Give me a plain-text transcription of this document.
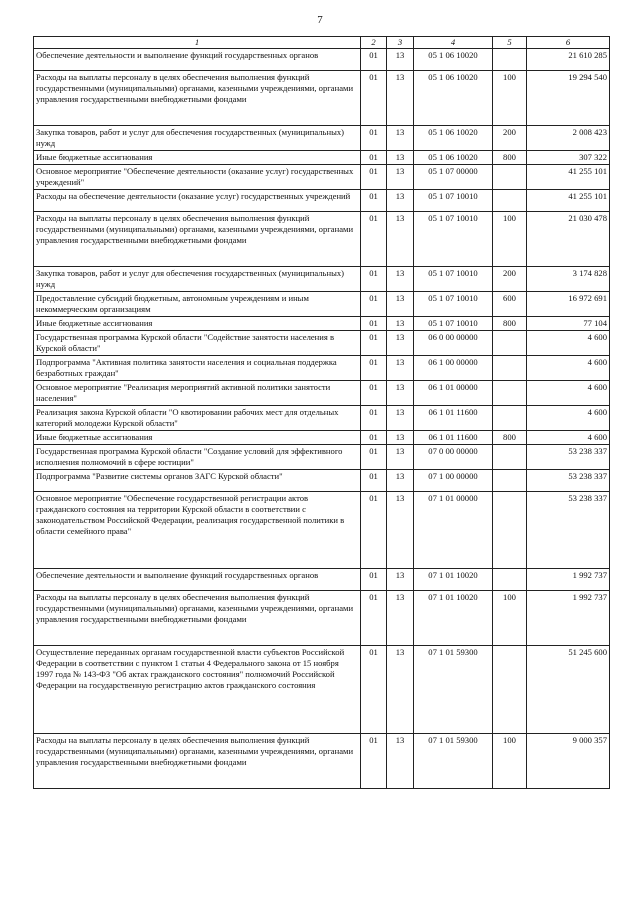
7
1	2	3	4	5	6
Обеспечение деятельности и выполнение функций государственных органов	01	13	05 1 06 10020		21 610 285
Расходы на выплаты персоналу в целях обеспечения выполнения функций государственными (муниципальными) органами, казенными учреждениями, органами управления государственными внебюджетными фондами	01	13	05 1 06 10020	100	19 294 540
Закупка товаров, работ и услуг для обеспечения государственных (муниципальных) нужд	01	13	05 1 06 10020	200	2 008 423
Иные бюджетные ассигнования	01	13	05 1 06 10020	800	307 322
Основное мероприятие "Обеспечение деятельности (оказание услуг) государственных учреждений"	01	13	05 1 07 00000		41 255 101
Расходы на обеспечение деятельности (оказание услуг) государственных учреждений	01	13	05 1 07 10010		41 255 101
Расходы на выплаты персоналу в целях обеспечения выполнения функций государственными (муниципальными) органами, казенными учреждениями, органами управления государственными внебюджетными фондами	01	13	05 1 07 10010	100	21 030 478
Закупка товаров, работ и услуг для обеспечения государственных (муниципальных) нужд	01	13	05 1 07 10010	200	3 174 828
Предоставление субсидий бюджетным, автономным учреждениям и иным некоммерческим организациям	01	13	05 1 07 10010	600	16 972 691
Иные бюджетные ассигнования	01	13	05 1 07 10010	800	77 104
Государственная программа Курской области "Содействие занятости населения в Курской области"	01	13	06 0 00 00000		4 600
Подпрограмма "Активная политика занятости населения и социальная поддержка безработных граждан"	01	13	06 1 00 00000		4 600
Основное мероприятие "Реализация мероприятий активной политики занятости населения"	01	13	06 1 01 00000		4 600
Реализация закона Курской области "О квотировании рабочих мест для отдельных категорий молодежи Курской области"	01	13	06 1 01 11600		4 600
Иные бюджетные ассигнования	01	13	06 1 01 11600	800	4 600
Государственная программа Курской области "Создание условий для эффективного исполнения полномочий в сфере юстиции"	01	13	07 0 00 00000		53 238 337
Подпрограмма "Развитие системы органов ЗАГС Курской области"	01	13	07 1 00 00000		53 238 337
Основное мероприятие "Обеспечение государственной регистрации актов гражданского состояния на территории Курской области в соответствии с законодательством Российской Федерации, реализация государственной политики в области семейного права"	01	13	07 1 01 00000		53 238 337
Обеспечение деятельности и выполнение функций государственных органов	01	13	07 1 01 10020		1 992 737
Расходы на выплаты персоналу в целях обеспечения выполнения функций государственными (муниципальными) органами, казенными учреждениями, органами управления государственными внебюджетными фондами	01	13	07 1 01 10020	100	1 992 737
Осуществление переданных органам государственной власти субъектов Российской Федерации в соответствии с пунктом 1 статьи 4 Федерального закона от 15 ноября 1997 года № 143-ФЗ "Об актах гражданского состояния" полномочий Российской Федерации на государственную регистрацию актов гражданского состояния	01	13	07 1 01 59300		51 245 600
Расходы на выплаты персоналу в целях обеспечения выполнения функций государственными (муниципальными) органами, казенными учреждениями, органами управления государственными внебюджетными фондами	01	13	07 1 01 59300	100	9 000 357
